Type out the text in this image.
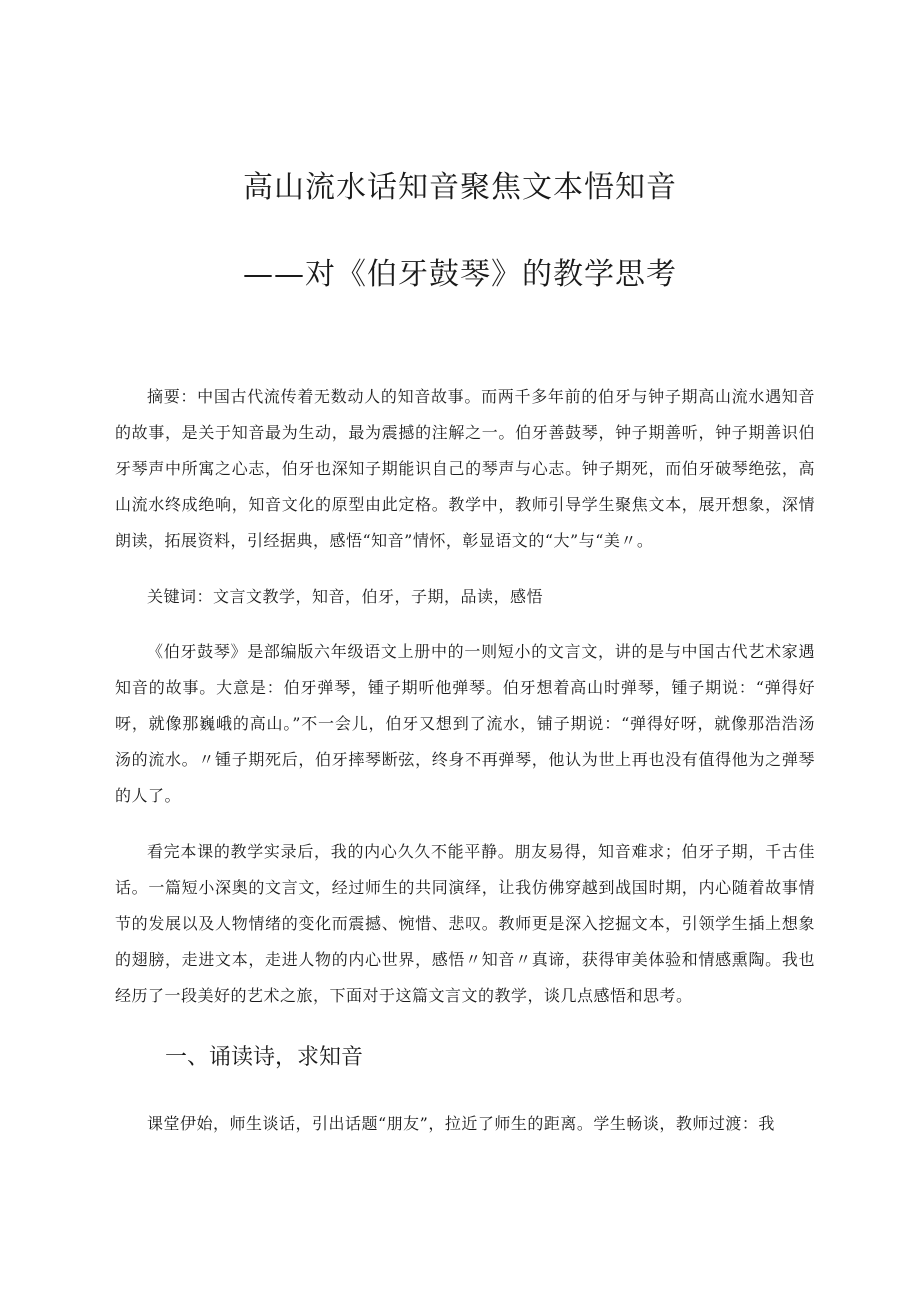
高山流水话知音聚焦文本悟知音
——对《伯牙鼓琴》的教学思考
摘要：中国古代流传着无数动人的知音故事。而两千多年前的伯牙与钟子期高山流水遇知音的故事，是关于知音最为生动，最为震撼的注解之一。伯牙善鼓琴，钟子期善听，钟子期善识伯牙琴声中所寓之心志，伯牙也深知子期能识自己的琴声与心志。钟子期死，而伯牙破琴绝弦，高山流水终成绝响，知音文化的原型由此定格。教学中，教师引导学生聚焦文本，展开想象，深情朗读，拓展资料，引经据典，感悟“知音”情怀，彰显语文的“大”与“美〃。
关键词：文言文教学，知音，伯牙，子期，品读，感悟
《伯牙鼓琴》是部编版六年级语文上册中的一则短小的文言文，讲的是与中国古代艺术家遇知音的故事。大意是：伯牙弹琴，锺子期听他弹琴。伯牙想着高山时弹琴，锺子期说：“弹得好呀，就像那巍峨的高山。”不一会儿，伯牙又想到了流水，铺子期说：“弹得好呀，就像那浩浩汤汤的流水。〃锺子期死后，伯牙摔琴断弦，终身不再弹琴，他认为世上再也没有值得他为之弹琴的人了。
看完本课的教学实录后，我的内心久久不能平静。朋友易得，知音难求；伯牙子期，千古佳话。一篇短小深奥的文言文，经过师生的共同演绎，让我仿佛穿越到战国时期，内心随着故事情节的发展以及人物情绪的变化而震撼、惋惜、悲叹。教师更是深入挖掘文本，引领学生插上想象的翅膀，走进文本，走进人物的内心世界，感悟〃知音〃真谛，获得审美体验和情感熏陶。我也经历了一段美好的艺术之旅，下面对于这篇文言文的教学，谈几点感悟和思考。
一、诵读诗，求知音
课堂伊始，师生谈话，引出话题“朋友”，拉近了师生的距离。学生畅谈，教师过渡：我
